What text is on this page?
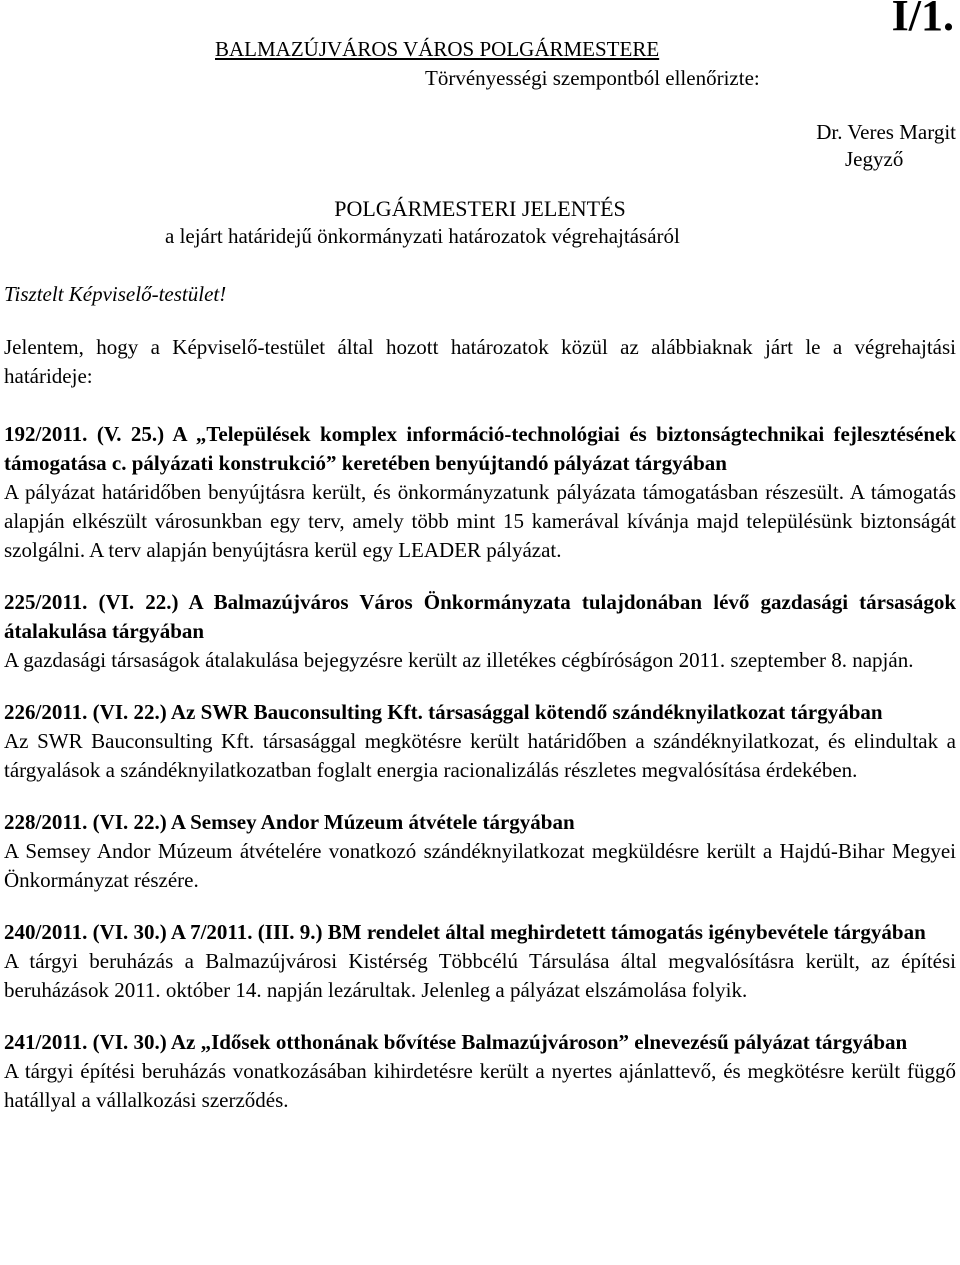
I/1.
BALMAZÚJVÁROS VÁROS POLGÁRMESTERE
Törvényességi szempontból ellenőrizte:
Dr. Veres Margit
Jegyző
POLGÁRMESTERI JELENTÉS
a lejárt határidejű önkormányzati határozatok végrehajtásáról
Tisztelt Képviselő-testület!

Jelentem, hogy a Képviselő-testület által hozott határozatok közül az alábbiaknak járt le a végrehajtási határideje:

192/2011. (V. 25.) A „Települések komplex információ-technológiai és biztonságtechnikai fejlesztésének támogatása c. pályázati konstrukció” keretében benyújtandó pályázat tárgyában

A pályázat határidőben benyújtásra került, és önkormányzatunk pályázata támogatásban részesült. A támogatás alapján elkészült városunkban egy terv, amely több mint 15 kamerával kívánja majd településünk biztonságát szolgálni. A terv alapján benyújtásra kerül egy LEADER pályázat.

225/2011. (VI. 22.) A Balmazújváros Város Önkormányzata tulajdonában lévő gazdasági társaságok átalakulása tárgyában

A gazdasági társaságok átalakulása bejegyzésre került az illetékes cégbíróságon 2011. szeptember 8. napján.

226/2011. (VI. 22.) Az SWR Bauconsulting Kft. társasággal kötendő szándéknyilatkozat tárgyában

Az SWR Bauconsulting Kft. társasággal megkötésre került határidőben a szándéknyilatkozat, és elindultak a tárgyalások a szándéknyilatkozatban foglalt energia racionalizálás részletes megvalósítása érdekében.

228/2011. (VI. 22.) A Semsey Andor Múzeum átvétele tárgyában

A Semsey Andor Múzeum átvételére vonatkozó szándéknyilatkozat megküldésre került a Hajdú-Bihar Megyei Önkormányzat részére.

240/2011. (VI. 30.) A 7/2011. (III. 9.) BM rendelet által meghirdetett támogatás igénybevétele tárgyában

A tárgyi beruházás a Balmazújvárosi Kistérség Többcélú Társulása által megvalósításra került, az építési beruházások 2011. október 14. napján lezárultak. Jelenleg a pályázat elszámolása folyik.

241/2011. (VI. 30.) Az „Idősek otthonának bővítése Balmazújvároson” elnevezésű pályázat tárgyában

A tárgyi építési beruházás vonatkozásában kihirdetésre került a nyertes ajánlattevő, és megkötésre került függő hatállyal a vállalkozási szerződés.
